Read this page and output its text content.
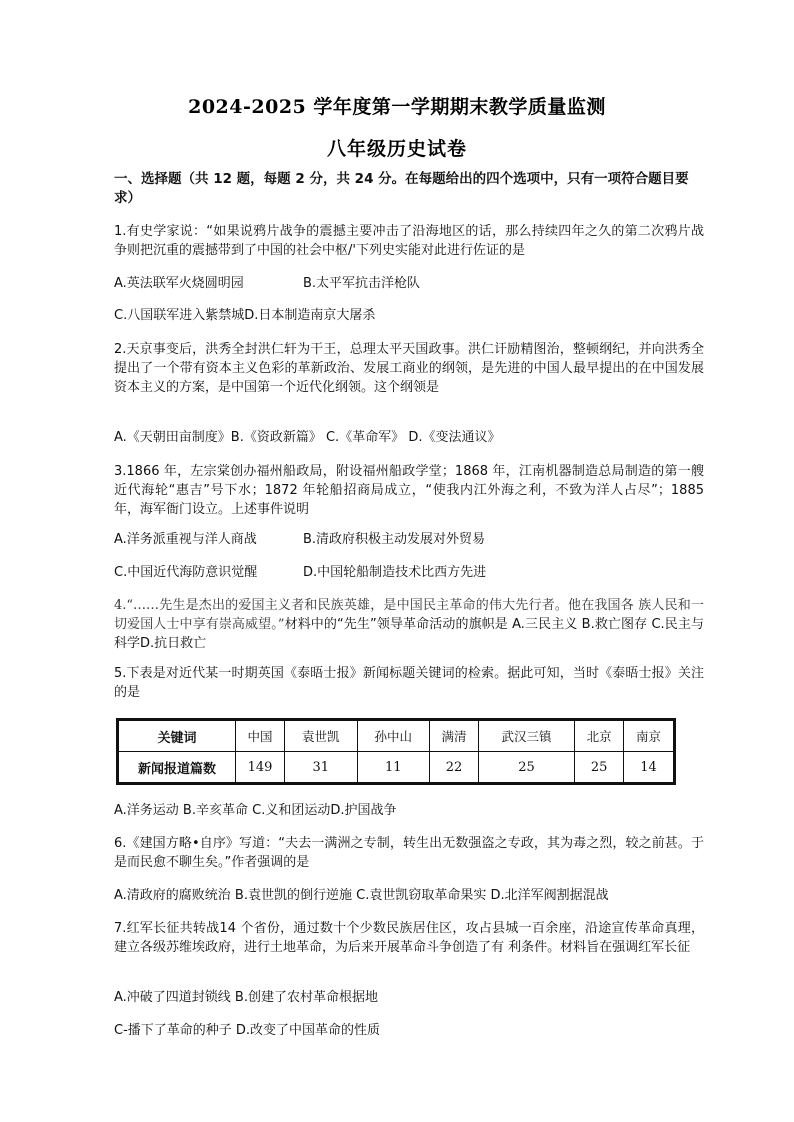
2024-2025 学年度第一学期期末教学质量监测
八年级历史试卷
一、选择题（共 12 题，每题 2 分，共 24 分。在每题给出的四个选项中，只有一项符合题目要求）
1.有史学家说：“如果说鸦片战争的震撼主要冲击了沿海地区的话，那么持续四年之久的第二次鸦片战争则把沉重的震撼带到了中国的社会中枢/'下列史实能对此进行佐证的是
A.英法联军火烧圆明园	B.太平军抗击洋枪队
C.八国联军进入紫禁城D.日本制造南京大屠杀
2.天京事变后，洪秀全封洪仁轩为干王，总理太平天国政事。洪仁讦励精图治，整顿纲纪，并向洪秀全提出了一个带有资本主义色彩的革新政治、发展工商业的纲领，是先进的中国人最早提出的在中国发展资本主义的方案，是中国第一个近代化纲领。这个纲领是
A.《天朝田亩制度》B.《资政新篇》 C.《革命军》 D.《变法通议》
3.1866 年，左宗棠创办福州船政局，附设福州船政学堂；1868 年，江南机器制造总局制造的第一艘近代海轮“惠吉”号下水；1872 年轮船招商局成立，“使我内江外海之利，不致为洋人占尽”；1885 年，海军衙门设立。上述事件说明
A.洋务派重视与洋人商战	B.清政府积极主动发展对外贸易
C.中国近代海防意识觉醒	D.中国轮船制造技术比西方先进
4.“……先生是杰出的爱国主义者和民族英雄，是中国民主革命的伟大先行者。他在我国各 族人民和一切爱国人士中享有崇高威望。”材料中的“先生”领导革命活动的旗帜是 A.三民主义 B.救亡图存 C.民主与科学D.抗日救亡
5.下表是对近代某一时期英国《泰晤士报》新闻标题关键词的检索。据此可知，当时《泰晤士报》关注的是
关键词	中国	袁世凯	孙中山	满清	武汉三镇	北京	南京
新闻报道篇数	149	31	11	22	25	25	14
A.洋务运动 B.辛亥革命 C.义和团运动D.护国战争
6.《建国方略•自序》写道：“夫去一满洲之专制，转生出无数强盗之专政，其为毒之烈，较之前甚。于是而民愈不聊生矣。”作者强调的是
A.清政府的腐败统治 B.袁世凯的倒行逆施 C.袁世凯窃取革命果实 D.北洋军阀割据混战
7.红军长征共转战14 个省份，通过数十个少数民族居住区，攻占县城一百余座，沿途宣传革命真理，建立各级苏维埃政府，进行土地革命，为后来开展革命斗争创造了有 利条件。材料旨在强调红军长征
A.冲破了四道封锁线 B.创建了农村革命根据地
C-播下了革命的种子 D.改变了中国革命的性质
